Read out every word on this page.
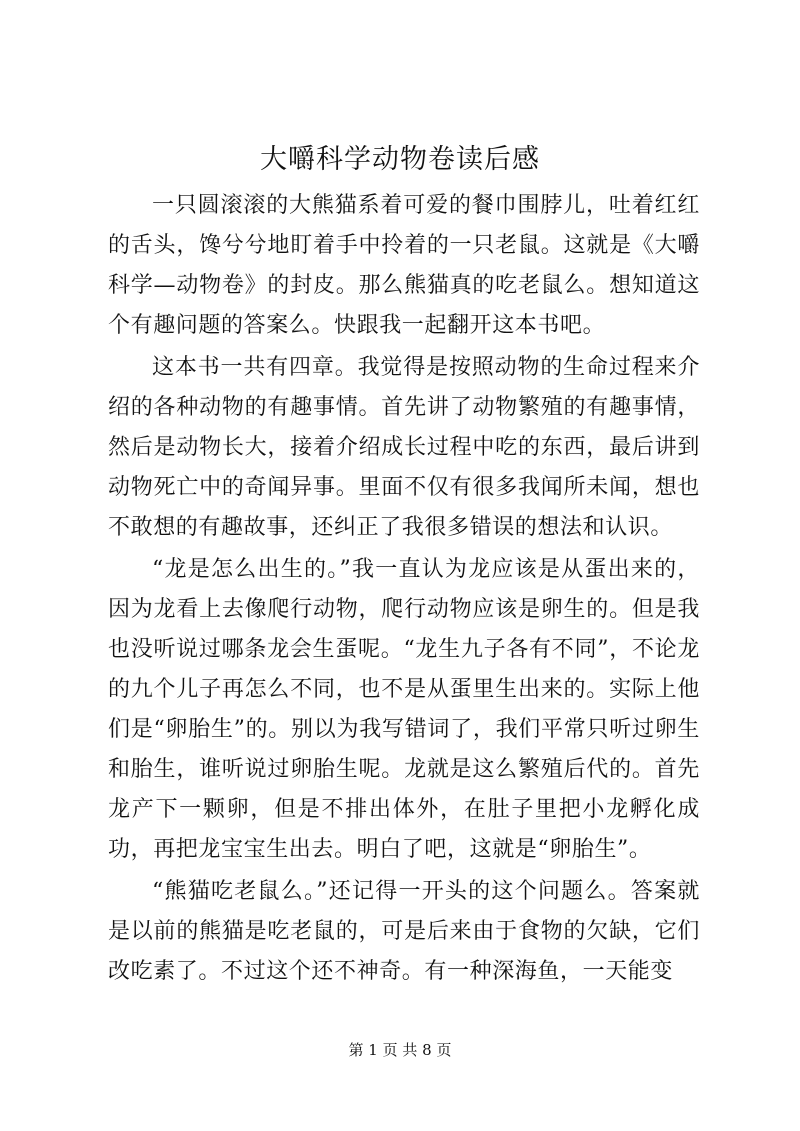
大嚼科学动物卷读后感

一只圆滚滚的大熊猫系着可爱的餐巾围脖儿，吐着红红的舌头，馋兮兮地盯着手中拎着的一只老鼠。这就是《大嚼科学—动物卷》的封皮。那么熊猫真的吃老鼠么。想知道这个有趣问题的答案么。快跟我一起翻开这本书吧。

这本书一共有四章。我觉得是按照动物的生命过程来介绍的各种动物的有趣事情。首先讲了动物繁殖的有趣事情，然后是动物长大，接着介绍成长过程中吃的东西，最后讲到动物死亡中的奇闻异事。里面不仅有很多我闻所未闻，想也不敢想的有趣故事，还纠正了我很多错误的想法和认识。

“龙是怎么出生的。”我一直认为龙应该是从蛋出来的，因为龙看上去像爬行动物，爬行动物应该是卵生的。但是我也没听说过哪条龙会生蛋呢。“龙生九子各有不同”，不论龙的九个儿子再怎么不同，也不是从蛋里生出来的。实际上他们是“卵胎生”的。别以为我写错词了，我们平常只听过卵生和胎生，谁听说过卵胎生呢。龙就是这么繁殖后代的。首先龙产下一颗卵，但是不排出体外，在肚子里把小龙孵化成功，再把龙宝宝生出去。明白了吧，这就是“卵胎生”。

“熊猫吃老鼠么。”还记得一开头的这个问题么。答案就是以前的熊猫是吃老鼠的，可是后来由于食物的欠缺，它们改吃素了。不过这个还不神奇。有一种深海鱼，一天能变

第 1 页 共 8 页
